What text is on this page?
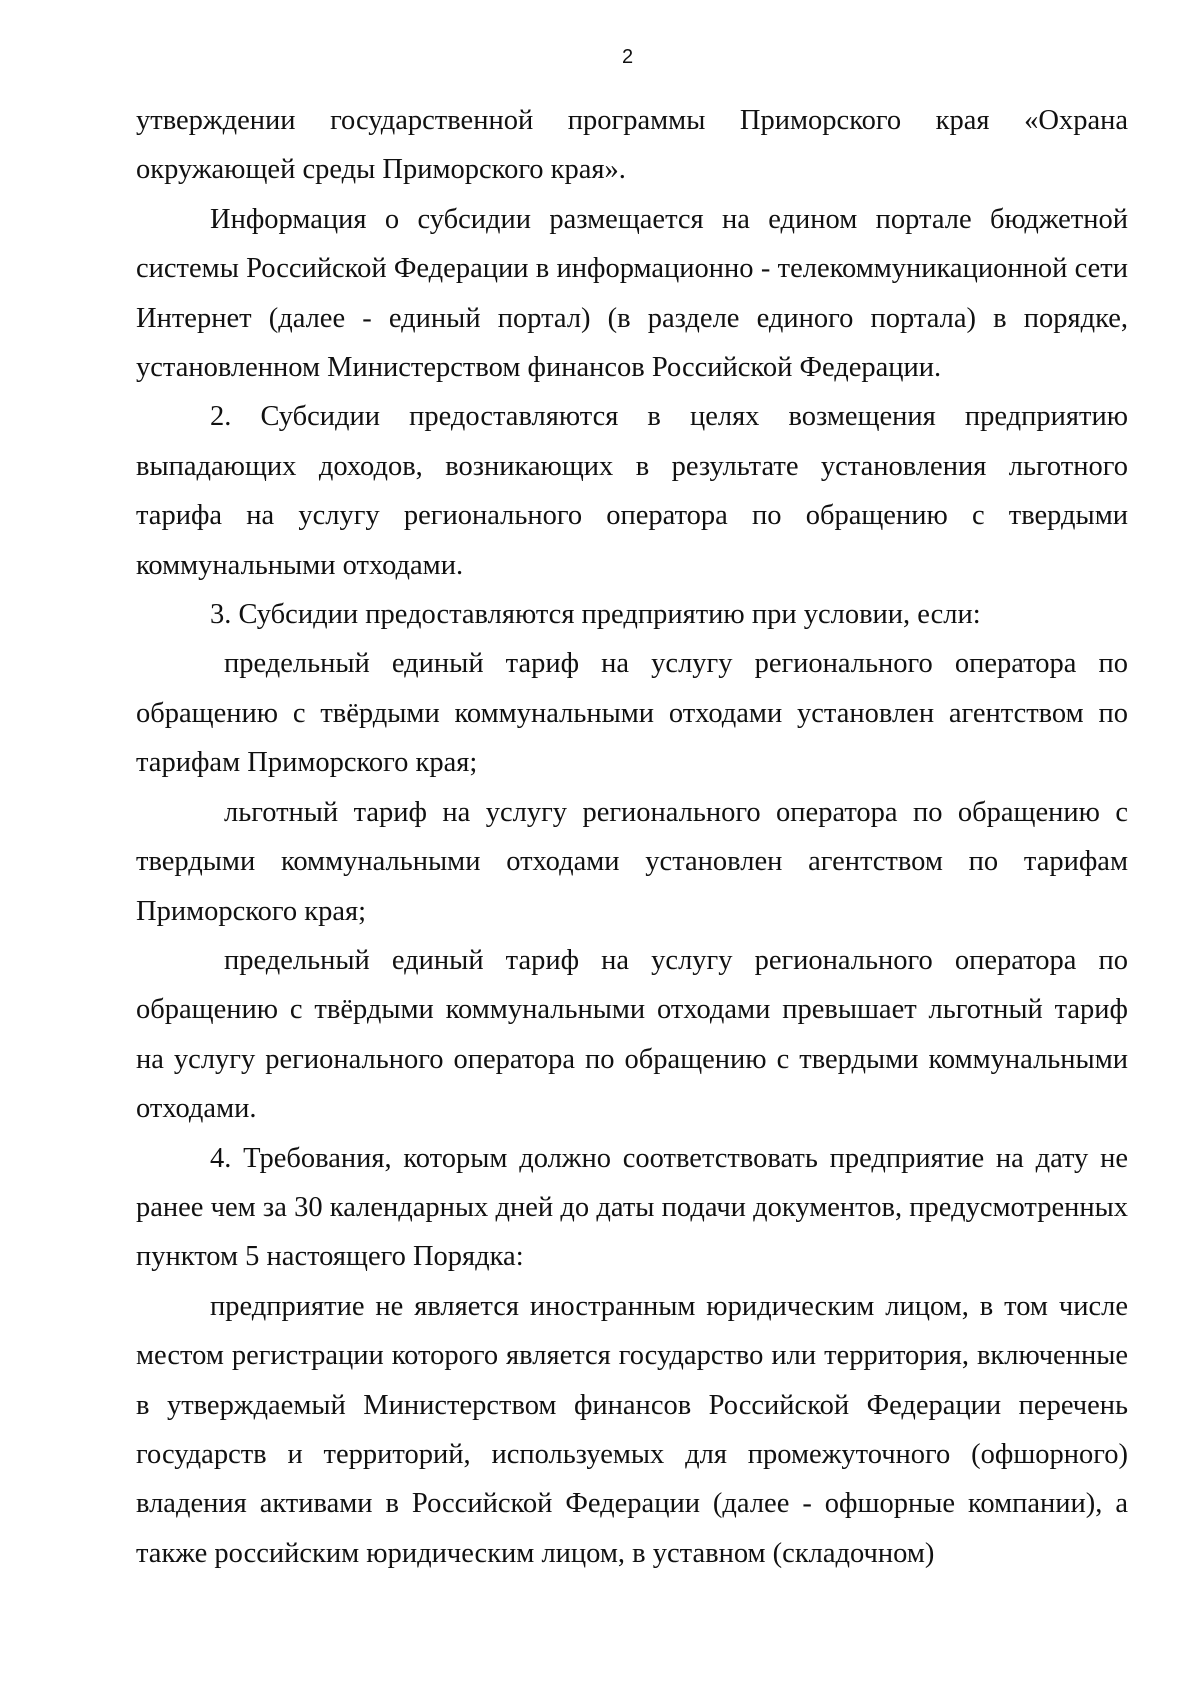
2

утверждении государственной программы Приморского края «Охрана окружающей среды Приморского края».

Информация о субсидии размещается на едином портале бюджетной системы Российской Федерации в информационно - телекоммуникационной сети Интернет (далее - единый портал) (в разделе единого портала) в порядке, установленном Министерством финансов Российской Федерации.

2. Субсидии предоставляются в целях возмещения предприятию выпадающих доходов, возникающих в результате установления льготного тарифа на услугу регионального оператора по обращению с твердыми коммунальными отходами.

3. Субсидии предоставляются предприятию при условии, если:

предельный единый тариф на услугу регионального оператора по обращению с твёрдыми коммунальными отходами установлен агентством по тарифам Приморского края;

льготный тариф на услугу регионального оператора по обращению с твердыми коммунальными отходами установлен агентством по тарифам Приморского края;

предельный единый тариф на услугу регионального оператора по обращению с твёрдыми коммунальными отходами превышает льготный тариф на услугу регионального оператора по обращению с твердыми коммунальными отходами.

4. Требования, которым должно соответствовать предприятие на дату не ранее чем за 30 календарных дней до даты подачи документов, предусмотренных пунктом 5 настоящего Порядка:

предприятие не является иностранным юридическим лицом, в том числе местом регистрации которого является государство или территория, включенные в утверждаемый Министерством финансов Российской Федерации перечень государств и территорий, используемых для промежуточного (офшорного) владения активами в Российской Федерации (далее - офшорные компании), а также российским юридическим лицом, в уставном (складочном)
